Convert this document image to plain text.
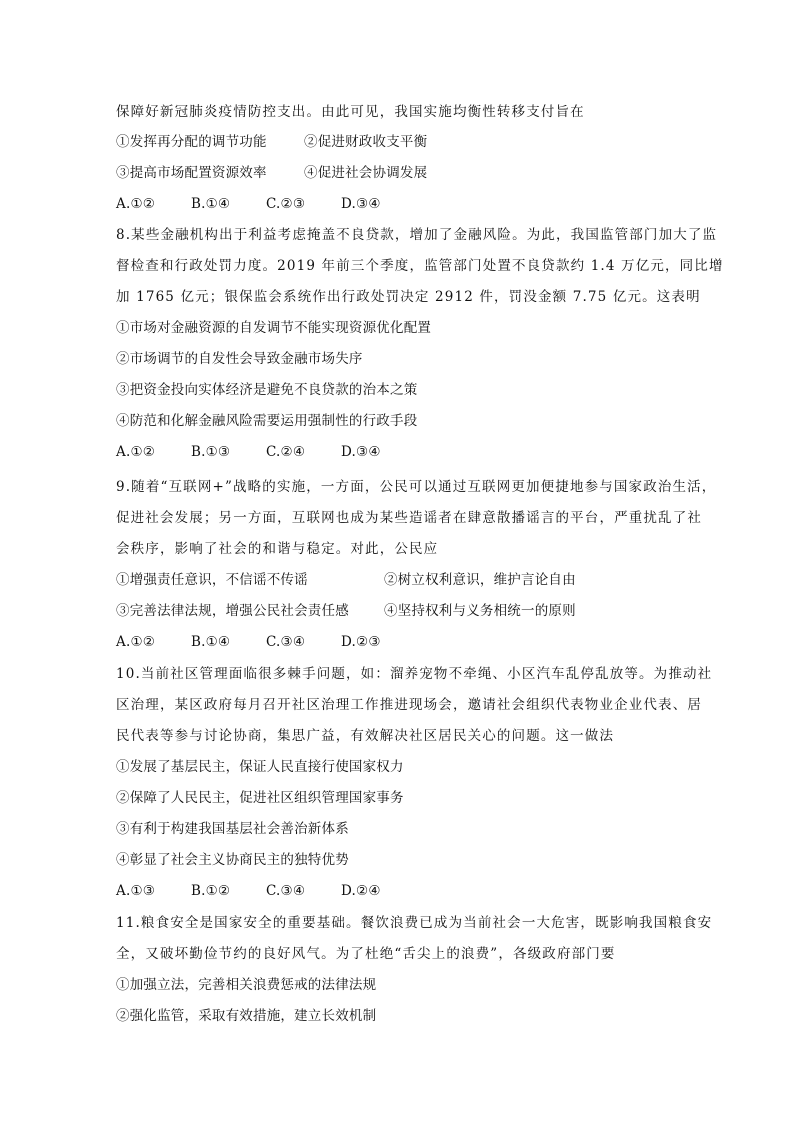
保障好新冠肺炎疫情防控支出。由此可见，我国实施均衡性转移支付旨在
①发挥再分配的调节功能	②促进财政收支平衡
③提高市场配置资源效率	④促进社会协调发展
A.①②	B.①④	C.②③	D.③④
8.某些金融机构出于利益考虑掩盖不良贷款，增加了金融风险。为此，我国监管部门加大了监
督检查和行政处罚力度。2019 年前三个季度，监管部门处置不良贷款约 1.4 万亿元，同比增
加 1765 亿元；银保监会系统作出行政处罚决定 2912 件，罚没金额 7.75 亿元。这表明
①市场对金融资源的自发调节不能实现资源优化配置
②市场调节的自发性会导致金融市场失序
③把资金投向实体经济是避免不良贷款的治本之策
④防范和化解金融风险需要运用强制性的行政手段
A.①②	B.①③	C.②④	D.③④
9.随着“互联网+”战略的实施，一方面，公民可以通过互联网更加便捷地参与国家政治生活，
促进社会发展；另一方面，互联网也成为某些造谣者在肆意散播谣言的平台，严重扰乱了社
会秩序，影响了社会的和谐与稳定。对此，公民应
①增强责任意识，不信谣不传谣	②树立权利意识，维护言论自由
③完善法律法规，增强公民社会责任感	④坚持权利与义务相统一的原则
A.①②	B.①④	C.③④	D.②③
10.当前社区管理面临很多棘手问题，如：溜养宠物不牵绳、小区汽车乱停乱放等。为推动社
区治理，某区政府每月召开社区治理工作推进现场会，邀请社会组织代表物业企业代表、居
民代表等参与讨论协商，集思广益，有效解决社区居民关心的问题。这一做法
①发展了基层民主，保证人民直接行使国家权力
②保障了人民民主，促进社区组织管理国家事务
③有利于构建我国基层社会善治新体系
④彰显了社会主义协商民主的独特优势
A.①③	B.①②	C.③④	D.②④
11.粮食安全是国家安全的重要基础。餐饮浪费已成为当前社会一大危害，既影响我国粮食安
全，又破坏勤俭节约的良好风气。为了杜绝“舌尖上的浪费”，各级政府部门要
①加强立法，完善相关浪费惩戒的法律法规
②强化监管，采取有效措施，建立长效机制
